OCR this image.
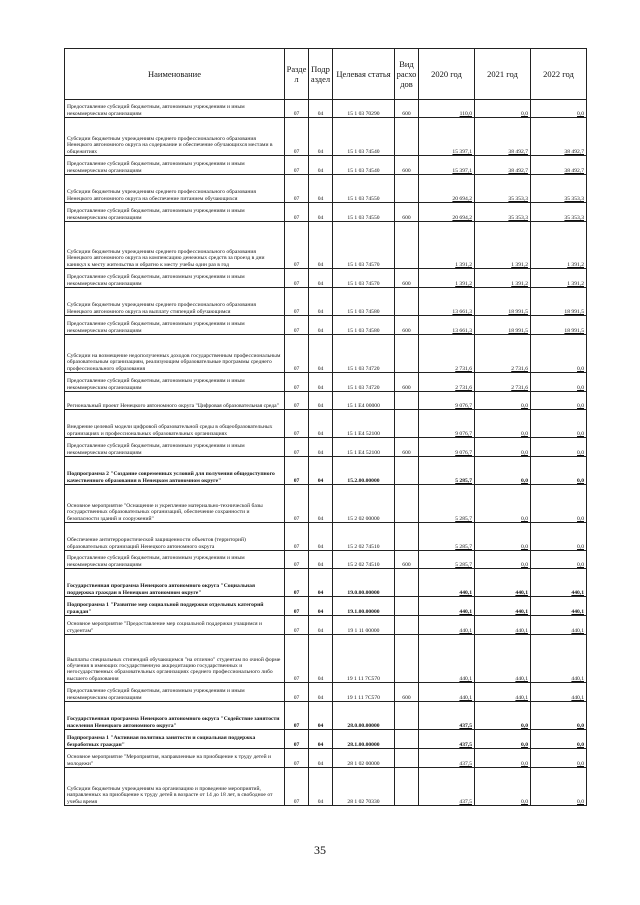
Наименование	Разде л	Подр аздел	Целевая статья	Вид расхо дов	2020 год	2021 год	2022 год
Предоставление субсидий бюджетным, автономным учреждениям и иным некоммерческим организациям	07	04	15 1 03 70290	600	110,0	0,0	0,0
Субсидии бюджетным учреждениям среднего профессионального образования Ненецкого автономного округа на содержание и обеспечение обучающихся местами в общежитиях	07	04	15 1 03 74540		15 397,1	38 492,7	38 492,7
Предоставление субсидий бюджетным, автономным учреждениям и иным некоммерческим организациям	07	04	15 1 03 74540	600	15 397,1	38 492,7	38 492,7
Субсидии бюджетным учреждениям среднего профессионального образования Ненецкого автономного округа на обеспечение питанием обучающихся	07	04	15 1 03 74550		20 694,2	35 353,3	35 353,3
Предоставление субсидий бюджетным, автономным учреждениям и иным некоммерческим организациям	07	04	15 1 03 74550	600	20 694,2	35 353,3	35 353,3
Субсидии бюджетным учреждениям среднего профессионального образования Ненецкого автономного округа на компенсацию денежных средств за проезд в дни каникул к месту жительства и обратно к месту учебы один раз в год	07	04	15 1 03 74570		1 391,2	1 391,2	1 391,2
Предоставление субсидий бюджетным, автономным учреждениям и иным некоммерческим организациям	07	04	15 1 03 74570	600	1 391,2	1 391,2	1 391,2
Субсидии бюджетным учреждениям среднего профессионального образования Ненецкого автономного округа на выплату стипендий обучающимся	07	04	15 1 03 74580		13 661,3	18 991,5	18 991,5
Предоставление субсидий бюджетным, автономным учреждениям и иным некоммерческим организациям	07	04	15 1 03 74580	600	13 661,3	18 991,5	18 991,5
Субсидии на возмещение недополученных доходов государственным профессиональным образовательным организациям, реализующим образовательные программы среднего профессионального образования	07	04	15 1 03 74720		2 731,6	2 731,6	0,0
Предоставление субсидий бюджетным, автономным учреждениям и иным некоммерческим организациям	07	04	15 1 03 74720	600	2 731,6	2 731,6	0,0
Региональный проект Ненецкого автономного округа "Цифровая образовательная среда"	07	04	15 1 E4 00000		9 076,7	0,0	0,0
Внедрение целевой модели цифровой образовательной среды в общеобразовательных организациях и профессиональных образовательных организациях	07	04	15 1 E4 52100		9 076,7	0,0	0,0
Предоставление субсидий бюджетным, автономным учреждениям и иным некоммерческим организациям	07	04	15 1 E4 52100	600	9 076,7	0,0	0,0
Подпрограмма 2 "Создание современных условий для получения общедоступного качественного образования в Ненецком автономном округе"	07	04	15.2.00.00000		5 285,7	0,0	0,0
Основное мероприятие "Оснащение и укрепление материально-технической базы государственных образовательных организаций, обеспечение сохранности и безопасности зданий и сооружений"	07	04	15 2 02 00000		5 285,7	0,0	0,0
Обеспечение антитеррористической защищенности объектов (территорий) образовательных организаций Ненецкого автономного округа	07	04	15 2 02 74510		5 285,7	0,0	0,0
Предоставление субсидий бюджетным, автономным учреждениям и иным некоммерческим организациям	07	04	15 2 02 74510	600	5 285,7	0,0	0,0
Государственная программа Ненецкого автономного округа "Социальная поддержка граждан в Ненецком автономном округе"	07	04	19.0.00.00000		440,1	440,1	440,1
Подпрограмма 1 "Развитие мер социальной поддержки отдельных категорий граждан"	07	04	19.1.00.00000		440,1	440,1	440,1
Основное мероприятие "Предоставление мер социальной поддержки учащимся и студентам"	07	04	19 1 11 00000		440,1	440,1	440,1
Выплаты специальных стипендий обучающимся "на отлично" студентам по очной форме обучения в имеющих государственную аккредитацию государственных и негосударственных образовательных организациях среднего профессионального либо высшего образования	07	04	19 1 11 7С570		440,1	440,1	440,1
Предоставление субсидий бюджетным, автономным учреждениям и иным некоммерческим организациям	07	04	19 1 11 7С570	600	440,1	440,1	440,1
Государственная программа Ненецкого автономного округа "Содействие занятости населения Ненецкого автономного округа"	07	04	28.0.00.00000		437,5	0,0	0,0
Подпрограмма 1 "Активная политика занятости и социальная поддержка безработных граждан"	07	04	28.1.00.00000		437,5	0,0	0,0
Основное мероприятие "Мероприятия, направленные на приобщение к труду детей и молодежи"	07	04	28 1 02 00000		437,5	0,0	0,0
Субсидии бюджетным учреждениям на организацию и проведение мероприятий, направленных на приобщение к труду детей в возрасте от 14 до 18 лет, в свободное от учебы время	07	04	28 1 02 70330		437,5	0,0	0,0
35
